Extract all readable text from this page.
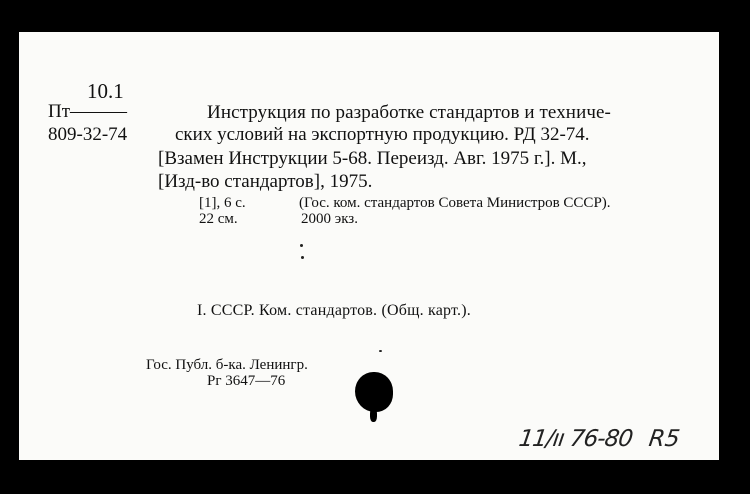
10.1
Пт———
809-32-74
Инструкция по разработке стандартов и техниче-
ских условий на экспортную продукцию. РД 32-74.
[Взамен Инструкции 5-68. Переизд. Авг. 1975 г.]. М.,
[Изд-во стандартов], 1975.
[1], 6 с.	(Гос. ком. стандартов Совета Министров СССР).
22 см.	2000 экз.
I. СССР. Ком. стандартов. (Общ. карт.).
Гос. Публ. б-ка. Ленингр.
Рг 3647—76
11/ıı 76-80 R5
